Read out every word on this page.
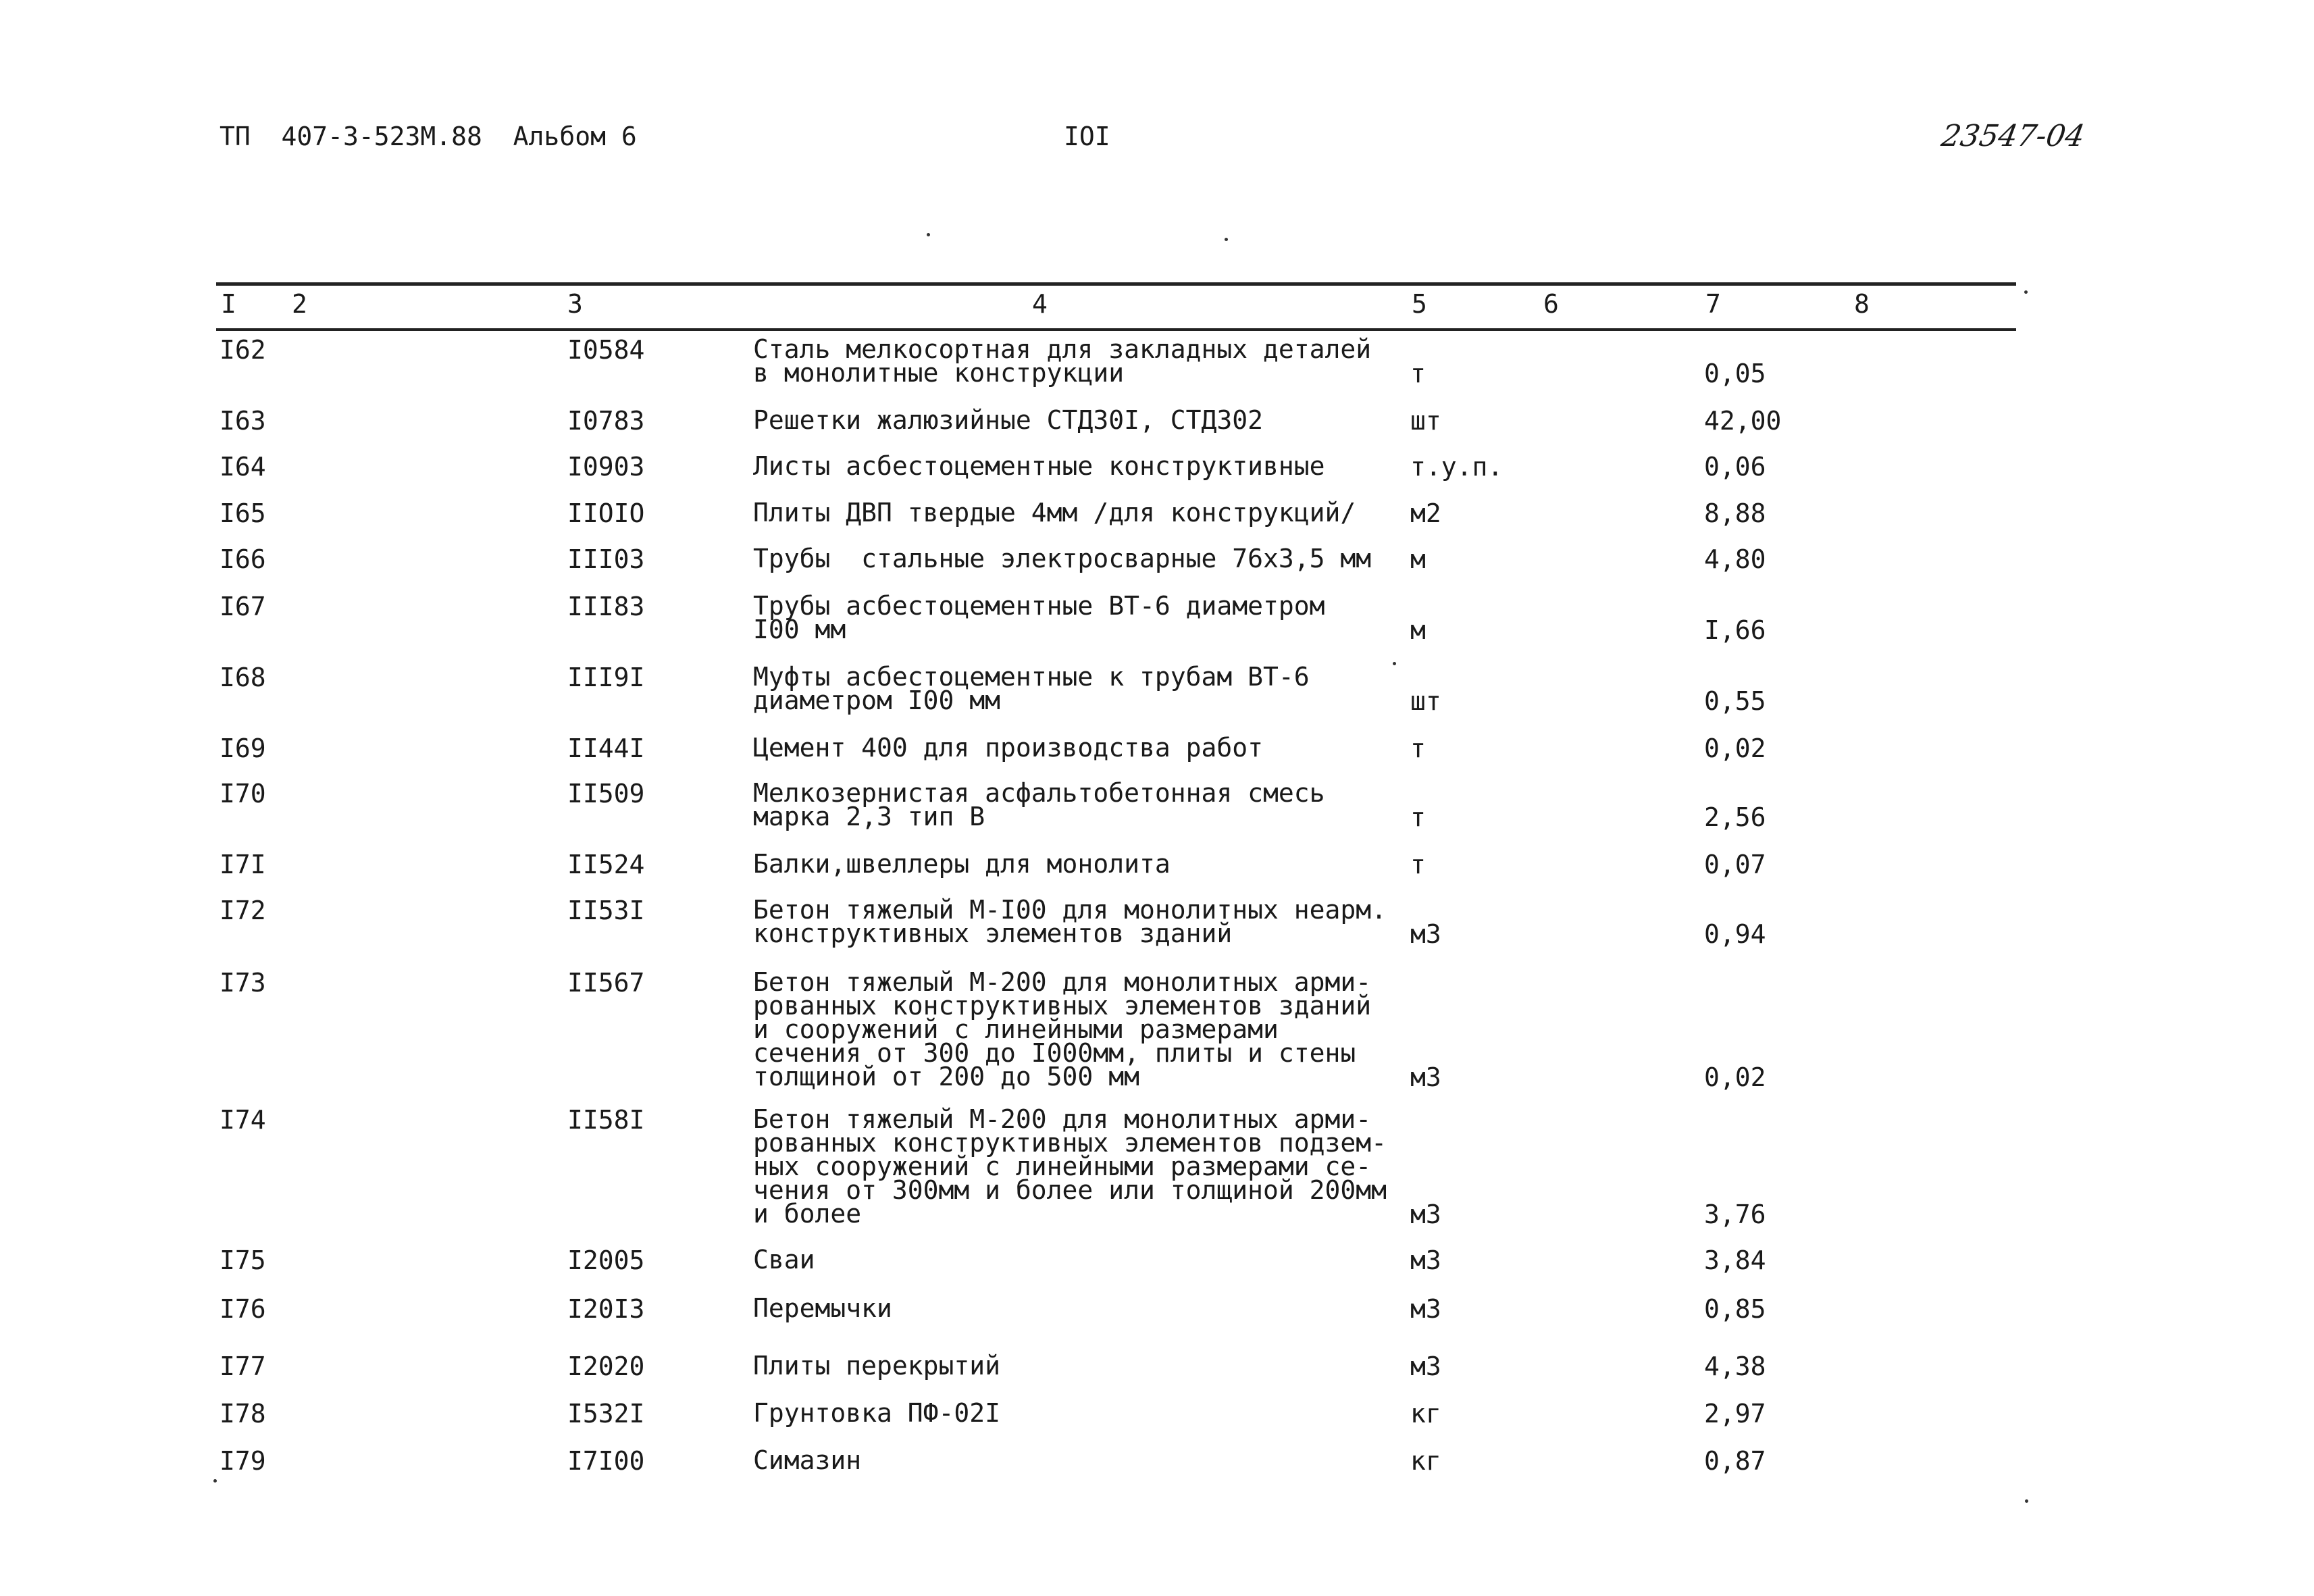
ТП  407-3-523М.88  Альбом 6	IOI	23547-04
I 2	3	4	5	6	7	8
I62	I0584	Сталь мелкосортная для закладных деталей
в монолитные конструкции	т	0,05
I63	I0783	Решетки жалюзийные СТД30I, СТД302	шт	42,00
I64	I0903	Листы асбестоцементные конструктивные	т.у.п.	0,06
I65	IIOIO	Плиты ДВП твердые 4мм /для конструкций/	м2	8,88
I66	III03	Трубы  стальные электросварные 76х3,5 мм	м	4,80
I67	III83	Трубы асбестоцементные ВТ-6 диаметром
I00 мм	м	I,66
I68	III9I	Муфты асбестоцементные к трубам ВТ-6
диаметром I00 мм	шт	0,55
I69	II44I	Цемент 400 для производства работ	т	0,02
I70	II509	Мелкозернистая асфальтобетонная смесь
марка 2,3 тип В	т	2,56
I7I	II524	Балки,швеллеры для монолита	т	0,07
I72	II53I	Бетон тяжелый М-I00 для монолитных неарм.
конструктивных элементов зданий	м3	0,94
I73	II567	Бетон тяжелый М-200 для монолитных арми-
рованных конструктивных элементов зданий
и сооружений с линейными размерами
сечения от 300 до I000мм, плиты и стены
толщиной от 200 до 500 мм	м3	0,02
I74	II58I	Бетон тяжелый М-200 для монолитных арми-
рованных конструктивных элементов подзем-
ных сооружений с линейными размерами се-
чения от 300мм и более или толщиной 200мм
и более	м3	3,76
I75	I2005	Сваи	м3	3,84
I76	I20I3	Перемычки	м3	0,85
I77	I2020	Плиты перекрытий	м3	4,38
I78	I532I	Грунтовка ПФ-02I	кг	2,97
I79	I7I00	Симазин	кг	0,87
